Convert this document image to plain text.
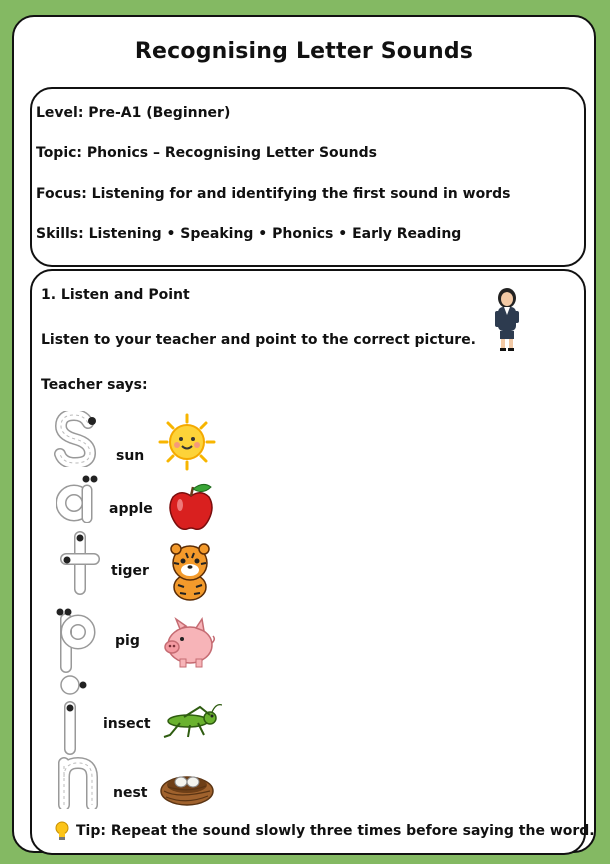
Recognising Letter Sounds
Level: Pre-A1 (Beginner)
Topic: Phonics – Recognising Letter Sounds
Focus: Listening for and identifying the first sound in words
Skills: Listening • Speaking • Phonics • Early Reading
1. Listen and Point
Listen to your teacher and point to the correct picture.
Teacher says:
sun
apple
tiger
pig
insect
nest
Tip: Repeat the sound slowly three times before saying the word.
